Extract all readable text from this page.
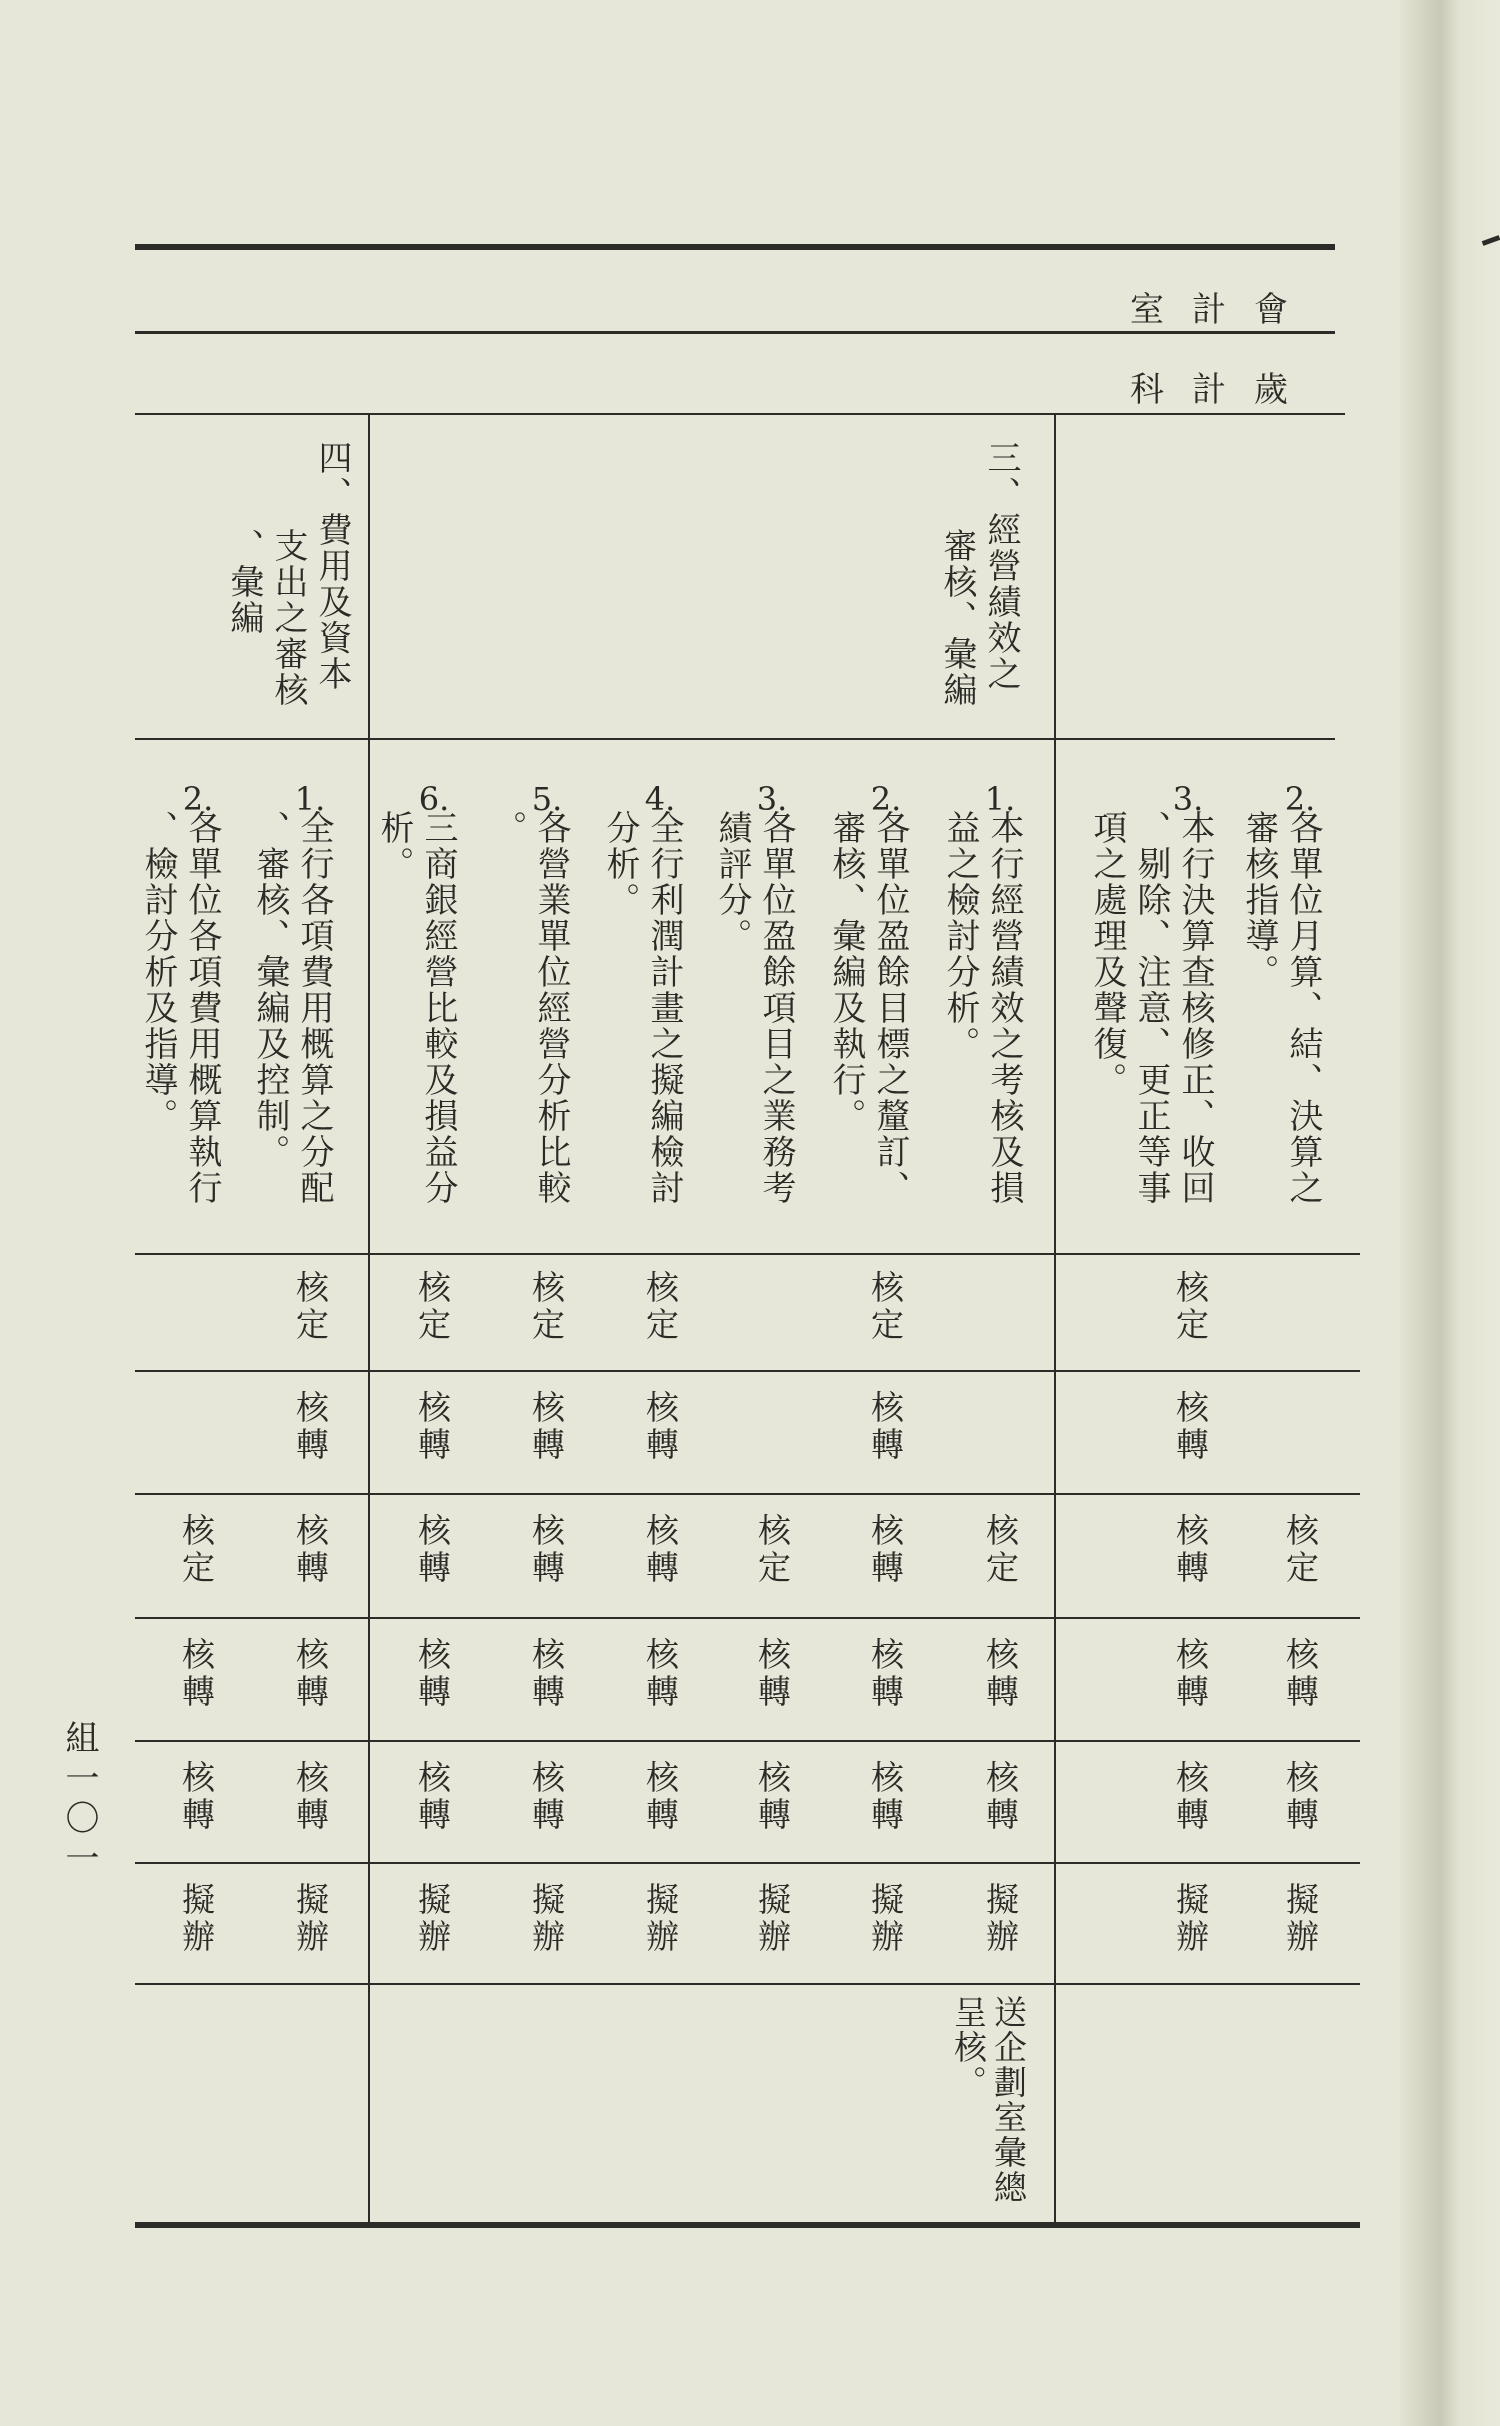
會計室
歲計科
三、經營績效之
審核、彙編
四、費用及資本
支出之審核
、彙編
2.
各單位月算、結、決算之
審核指導。
3.
本行決算查核修正、收回
、剔除、注意、更正等事
項之處理及聲復。
1.
本行經營績效之考核及損
益之檢討分析。
2.
各單位盈餘目標之釐訂、
審核、彙編及執行。
3.
各單位盈餘項目之業務考
績評分。
4.
全行利潤計畫之擬編檢討
分析。
5.
各營業單位經營分析比較
。
6.
三商銀經營比較及損益分
析。
1.
全行各項費用概算之分配
、審核、彙編及控制。
2.
各單位各項費用概算執行
、檢討分析及指導。
核定
核轉
核轉
擬辦
核定
核轉
核轉
核轉
核轉
擬辦
核定
核轉
核轉
擬辦
核定
核轉
核轉
核轉
核轉
擬辦
核定
核轉
核轉
擬辦
核定
核轉
核轉
核轉
核轉
擬辦
核定
核轉
核轉
核轉
核轉
擬辦
核定
核轉
核轉
核轉
核轉
擬辦
核定
核轉
核轉
核轉
核轉
擬辦
核定
核轉
核轉
擬辦
送企劃室彙總
呈核。
組一〇一
